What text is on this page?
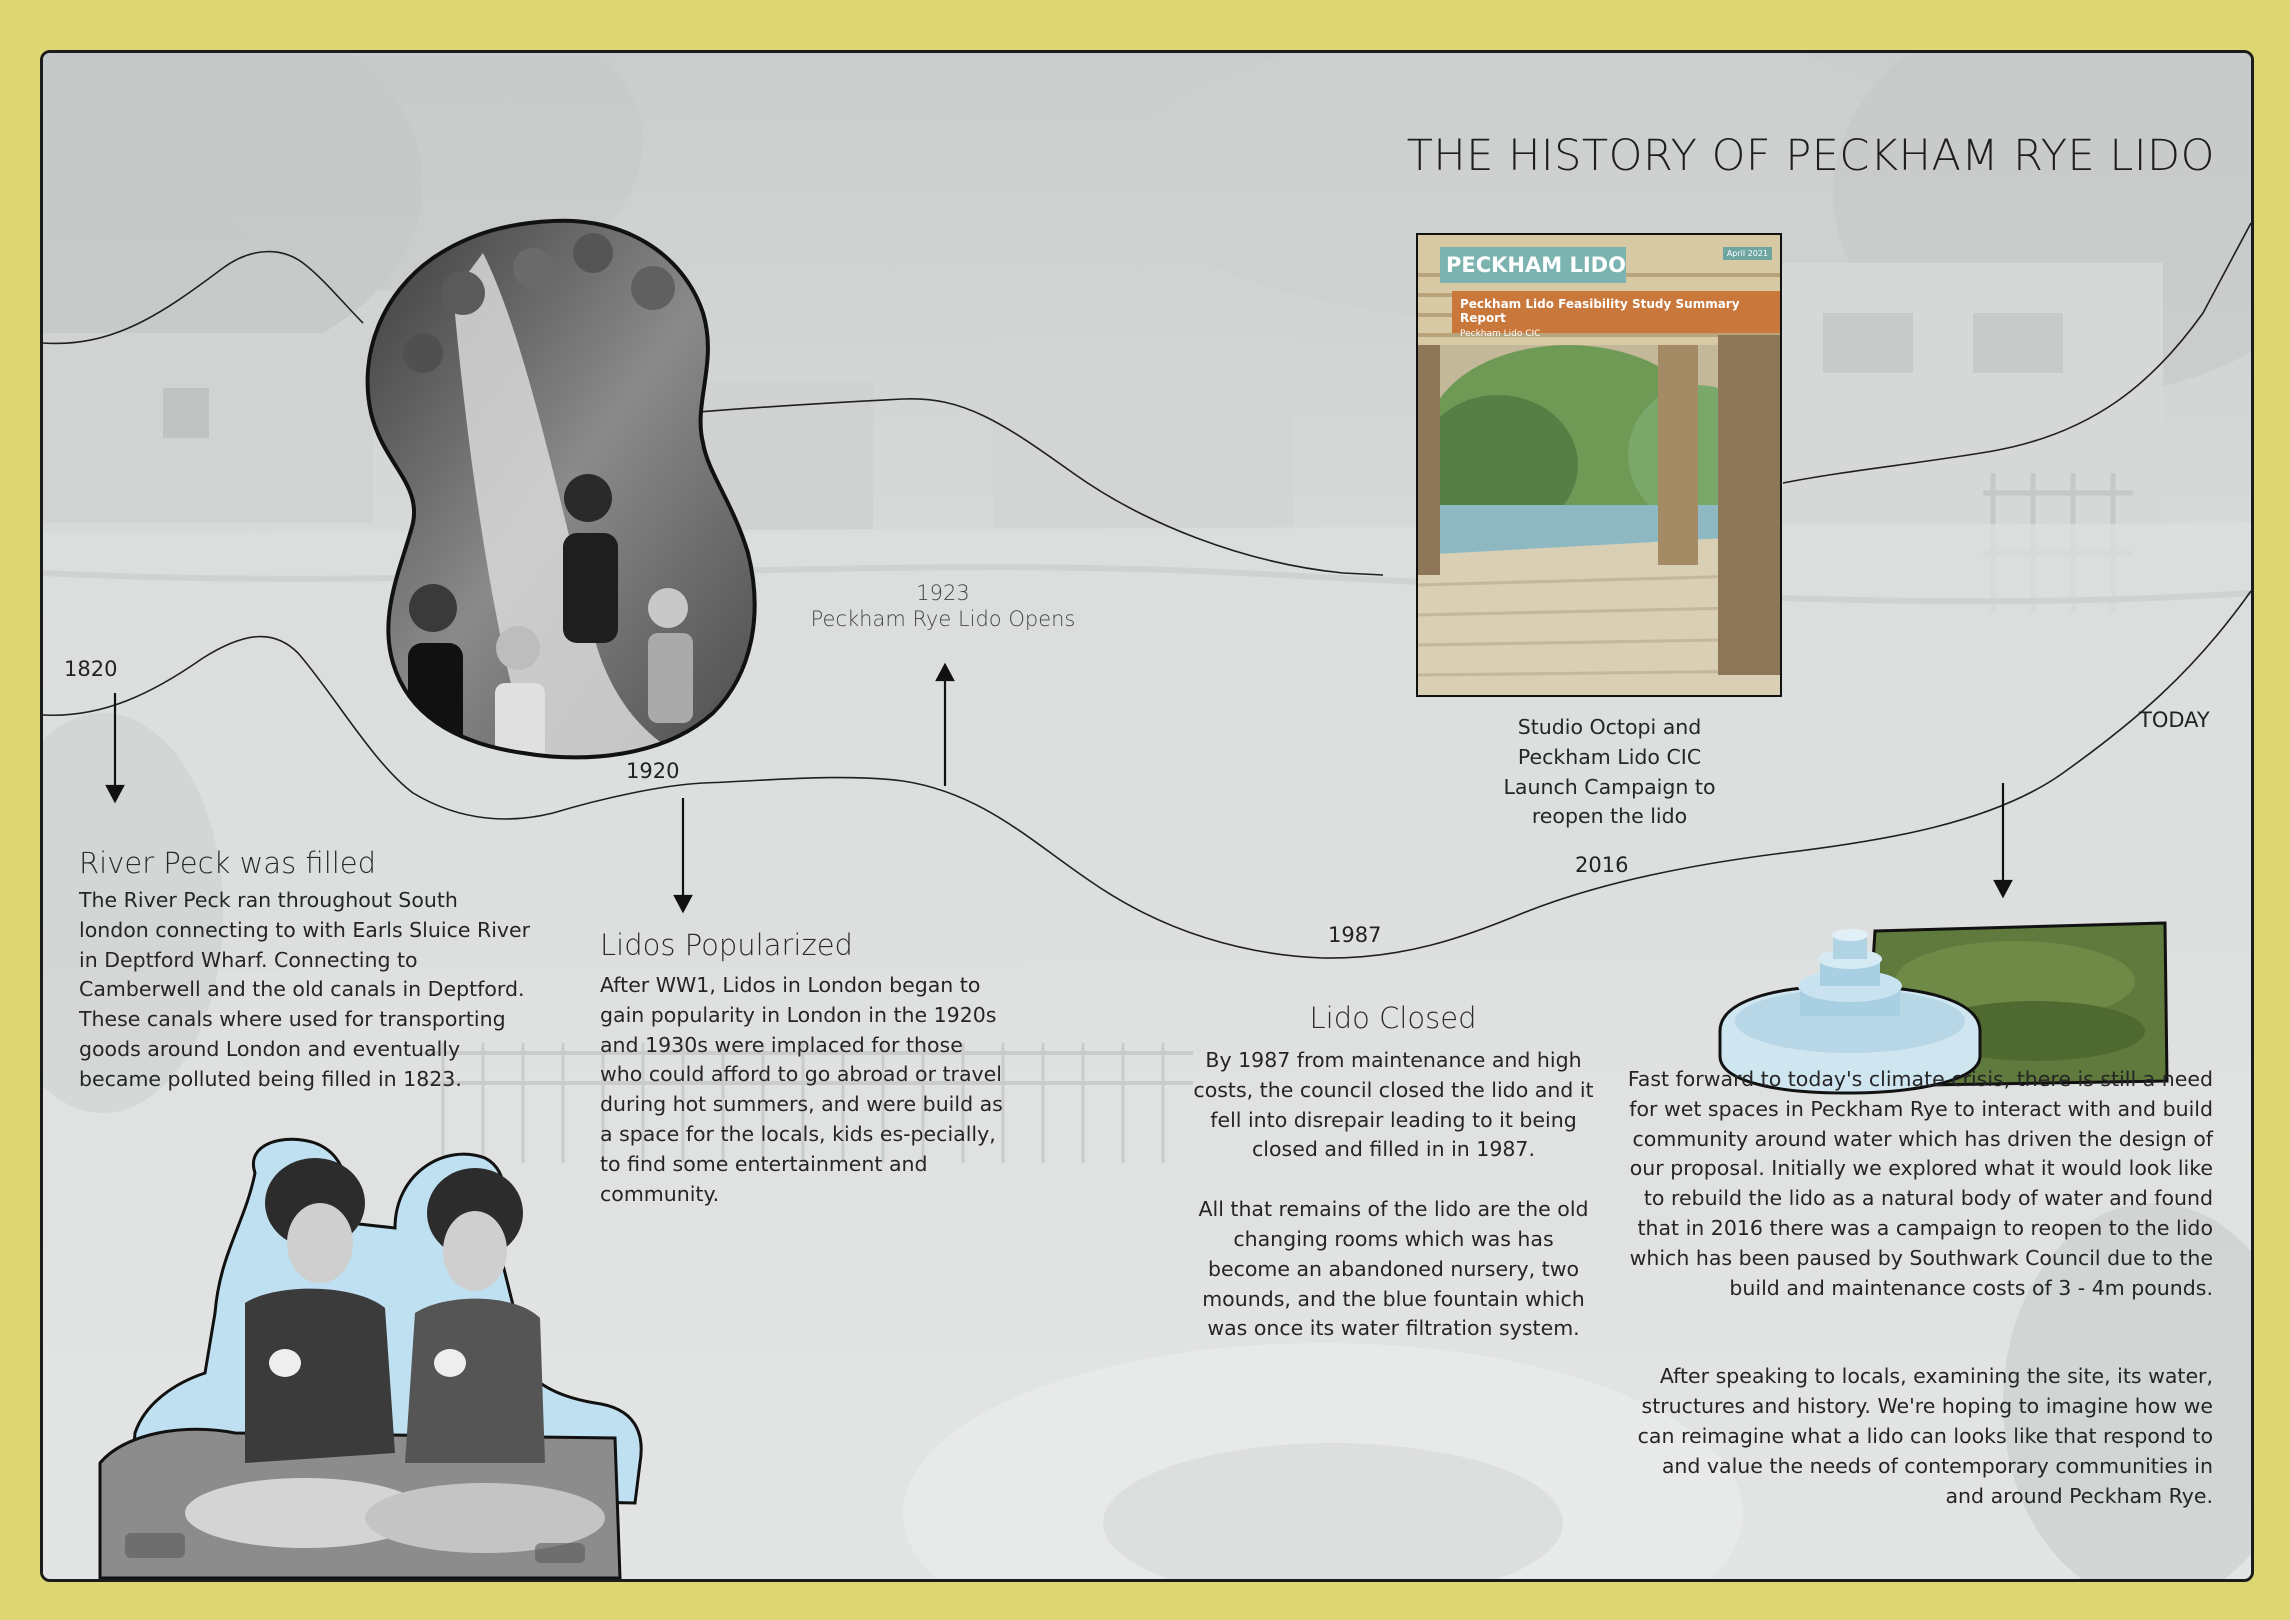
THE HISTORY OF PECKHAM RYE LIDO
PECKHAM LIDO	April 2021
Peckham Lido Feasibility Study Summary Report
Peckham Lido CIC
1820
1920
1987
2016
TODAY
1923
Peckham Rye Lido Opens
Studio Octopi and Peckham Lido CIC Launch Campaign to reopen the lido
River Peck was filled
The River Peck ran throughout South london connecting to with Earls Sluice River in Deptford Wharf. Connecting to Camberwell and the old canals in Deptford. These canals where used for transporting goods around London and eventually became polluted being filled in 1823.
Lidos Popularized
After WW1, Lidos in London began to gain popularity in London in the 1920s and 1930s were implaced for those who could afford to go abroad or travel during hot summers, and were build as a space for the locals, kids es-pecially, to find some entertainment and community.
Lido Closed

By 1987 from maintenance and high costs, the council closed the lido and it fell into disrepair leading to it being closed and filled in in 1987.

All that remains of the lido are the old changing rooms which was has become an abandoned nursery, two mounds, and the blue fountain which was once its water filtration system.

Fast forward to today's climate crisis, there is still a need for wet spaces in Peckham Rye to interact with and build community around water which has driven the design of our proposal. Initially we explored what it would look like to rebuild the lido as a natural body of water and found that in 2016 there was a campaign to reopen to the lido which has been paused by Southwark Council due to the build and maintenance costs of 3 - 4m pounds.

After speaking to locals, examining the site, its water, structures and history. We're hoping to imagine how we can reimagine what a lido can looks like that respond to and value the needs of contemporary communities in and around Peckham Rye.
